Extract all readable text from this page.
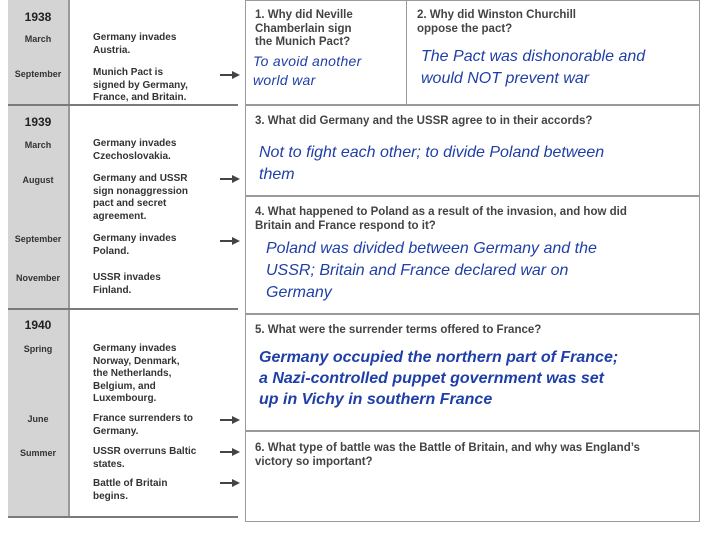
1938
1939
1940
March
September
March
August
September
November
Spring
June
Summer
Germany invades
Austria.
Munich Pact is
signed by Germany,
France, and Britain.
Germany invades
Czechoslovakia.
Germany and USSR
sign nonaggression
pact and secret
agreement.
Germany invades
Poland.
USSR invades
Finland.
Germany invades
Norway, Denmark,
the Netherlands,
Belgium, and
Luxembourg.
France surrenders to
Germany.
USSR overruns Baltic
states.
Battle of Britain
begins.
1. Why did Neville
Chamberlain sign
the Munich Pact?
To avoid another
world war
2. Why did Winston Churchill
oppose the pact?
The Pact was dishonorable and
would NOT prevent war
3. What did Germany and the USSR agree to in their accords?
Not to fight each other; to divide Poland between
them
4. What happened to Poland as a result of the invasion, and how did
Britain and France respond to it?
Poland was divided between Germany and the
USSR; Britain and France declared war on
Germany
5. What were the surrender terms offered to France?
Germany occupied the northern part of France;
a Nazi-controlled puppet government was set
up in Vichy in southern France
6. What type of battle was the Battle of Britain, and why was England’s
victory so important?
